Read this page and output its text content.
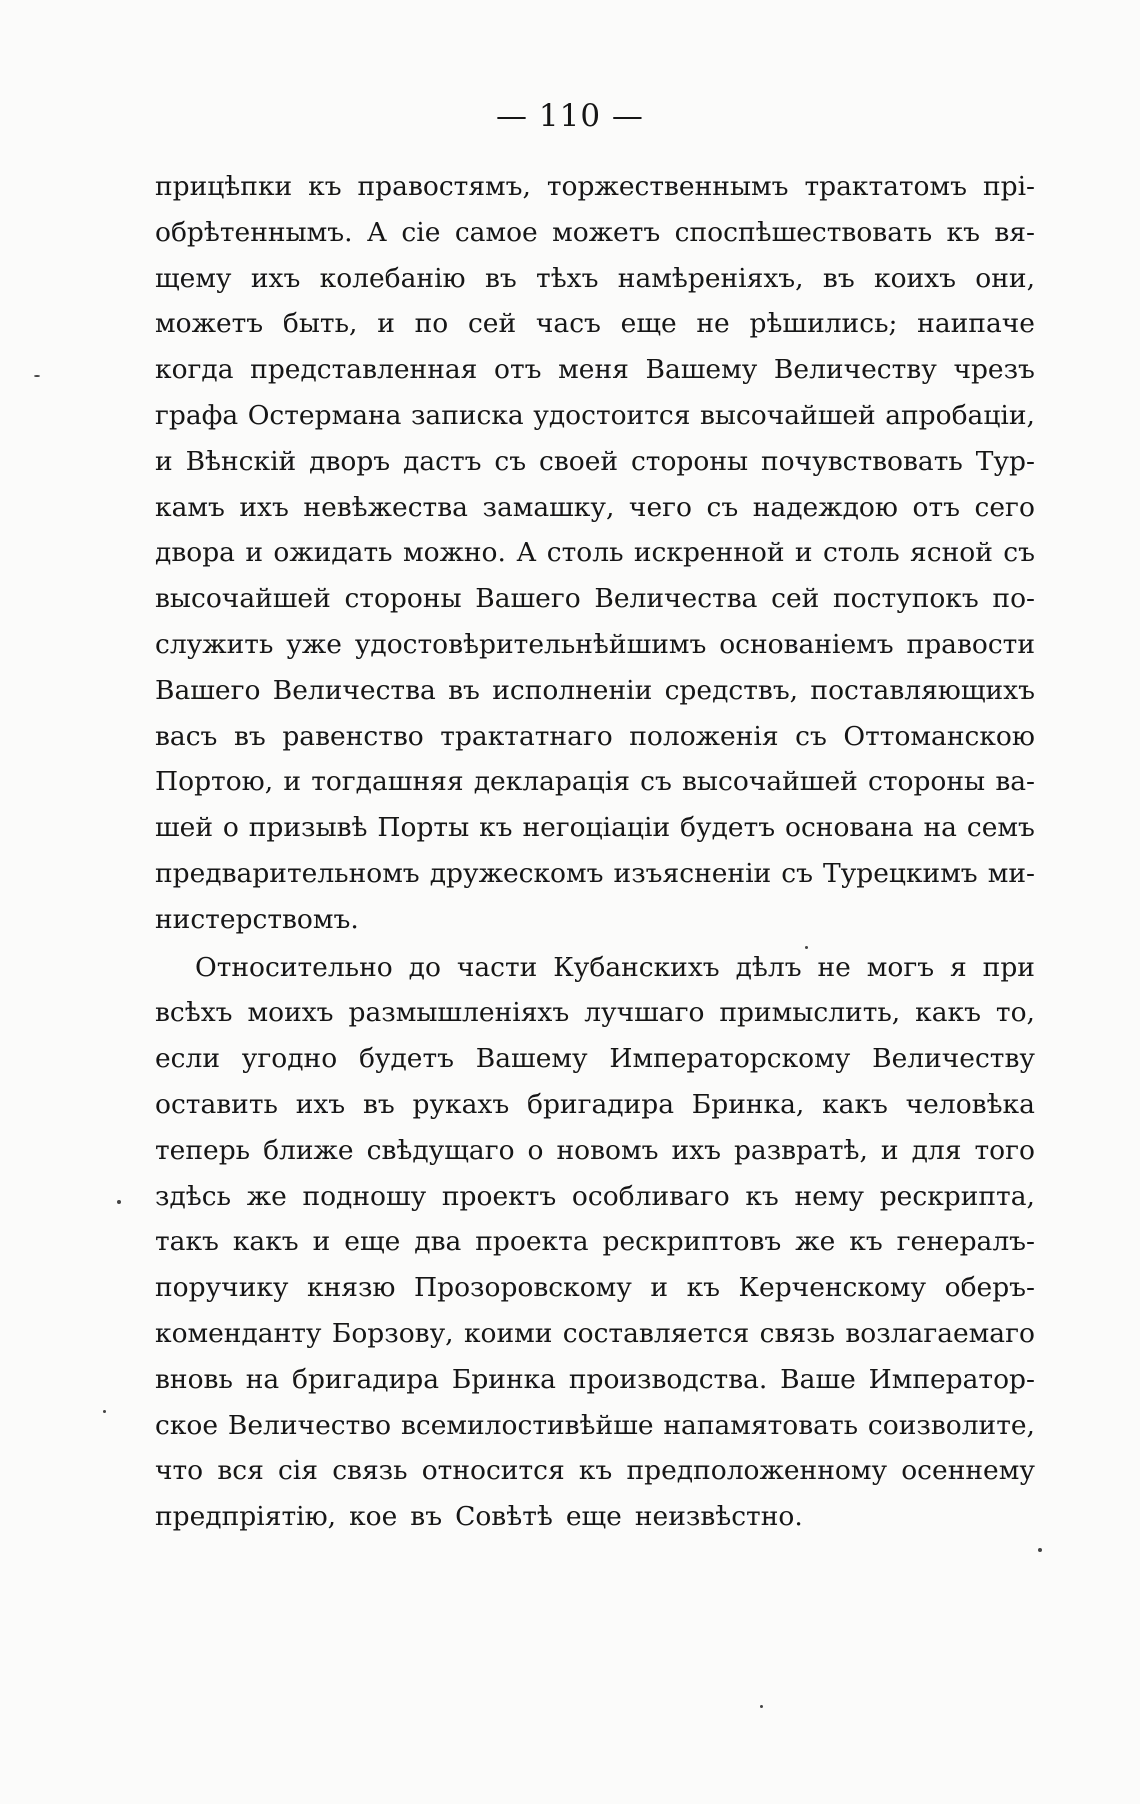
— 110 —
прицѣпки къ правостямъ, торжественнымъ трактатомъ прі-
обрѣтеннымъ. А сіе самое можетъ споспѣшествовать къ вя-
щему ихъ колебанію въ тѣхъ намѣреніяхъ, въ коихъ они,
можетъ быть, и по сей часъ еще не рѣшились; наипаче
когда представленная отъ меня Вашему Величеству чрезъ
графа Остермана записка удостоится высочайшей апробаціи,
и Вѣнскій дворъ дастъ съ своей стороны почувствовать Тур-
камъ ихъ невѣжества замашку, чего съ надеждою отъ сего
двора и ожидать можно. А столь искренной и столь ясной съ
высочайшей стороны Вашего Величества сей поступокъ по-
служить уже удостовѣрительнѣйшимъ основаніемъ правости
Вашего Величества въ исполненіи средствъ, поставляющихъ
васъ въ равенство трактатнаго положенія съ Оттоманскою
Портою, и тогдашняя декларація съ высочайшей стороны ва-
шей о призывѣ Порты къ негоціаціи будетъ основана на семъ
предварительномъ дружескомъ изъясненіи съ Турецкимъ ми-
нистерствомъ.
Относительно до части Кубанскихъ дѣлъ не могъ я при
всѣхъ моихъ размышленіяхъ лучшаго примыслить, какъ то,
если угодно будетъ Вашему Императорскому Величеству
оставить ихъ въ рукахъ бригадира Бринка, какъ человѣка
теперь ближе свѣдущаго о новомъ ихъ развратѣ, и для того
здѣсь же подношу проектъ особливаго къ нему рескрипта,
такъ какъ и еще два проекта рескриптовъ же къ генералъ-
поручику князю Прозоровскому и къ Керченскому оберъ-
коменданту Борзову, коими составляется связь возлагаемаго
вновь на бригадира Бринка производства. Ваше Император-
ское Величество всемилостивѣйше напамятовать соизволите,
что вся сія связь относится къ предположенному осеннему
предпріятію, кое въ Совѣтѣ еще неизвѣстно.
